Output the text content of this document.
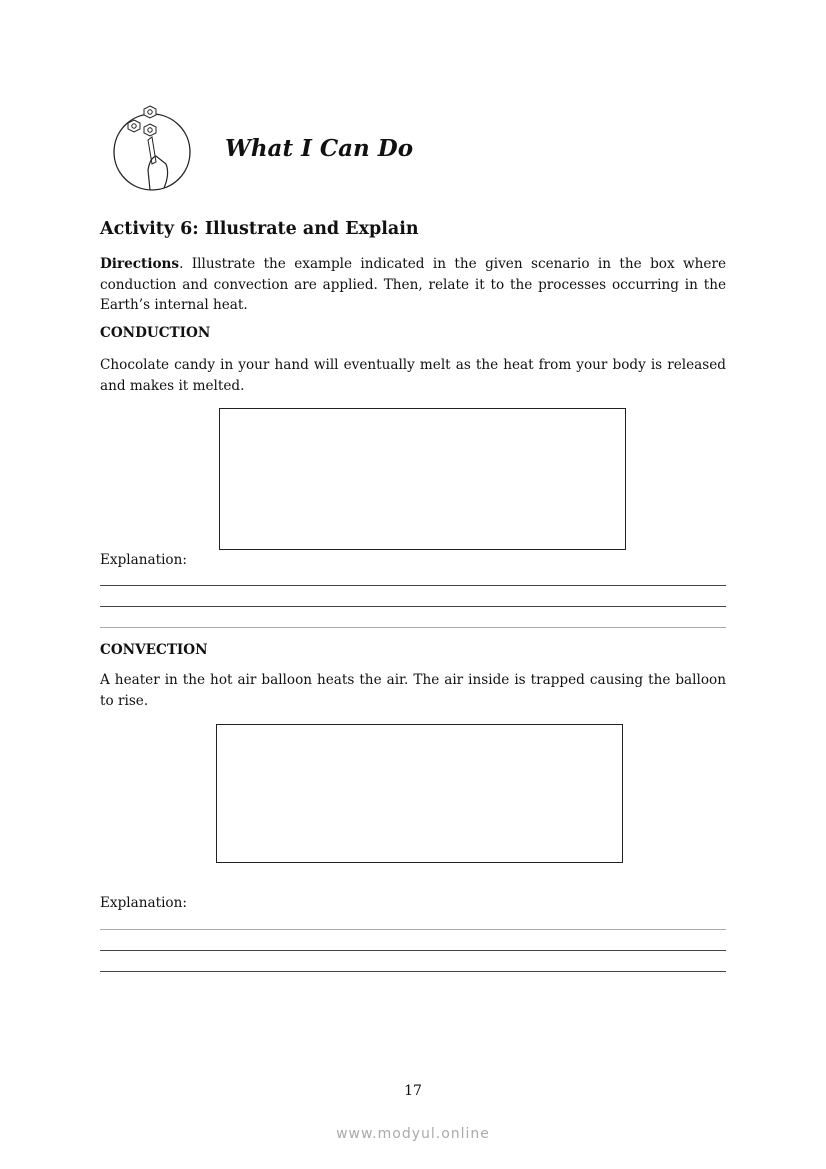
What I Can Do
Activity 6: Illustrate and Explain
Directions. Illustrate the example indicated in the given scenario in the box where conduction and convection are applied. Then, relate it to the processes occurring in the Earth’s internal heat.
CONDUCTION
Chocolate candy in your hand will eventually melt as the heat from your body is released and makes it melted.
Explanation:
CONVECTION
A heater in the hot air balloon heats the air. The air inside is trapped causing the balloon to rise.
Explanation:
17
www.modyul.online
